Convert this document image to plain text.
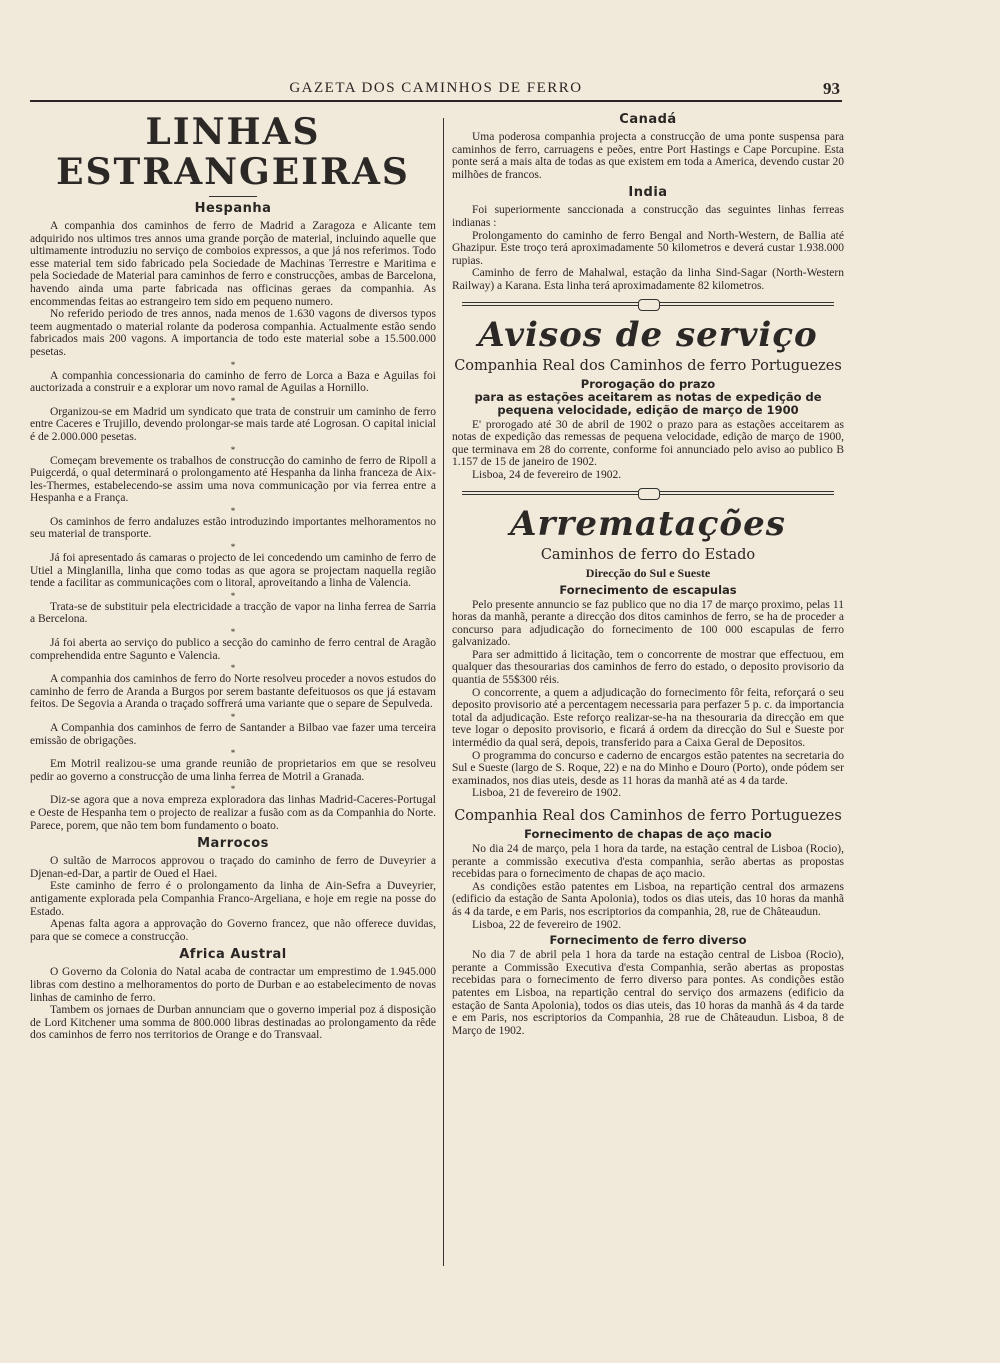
GAZETA DOS CAMINHOS DE FERRO	93
LINHAS ESTRANGEIRAS
Hespanha

A companhia dos caminhos de ferro de Madrid a Zaragoza e Alicante tem adquirido nos ultimos tres annos uma grande porção de material, incluindo aquelle que ultimamente introduziu no serviço de comboios expressos, a que já nos referimos. Todo esse material tem sido fabricado pela Sociedade de Machinas Terrestre e Maritima e pela Sociedade de Material para caminhos de ferro e construcções, ambas de Barcelona, havendo ainda uma parte fabricada nas officinas geraes da companhia. As encommendas feitas ao estrangeiro tem sido em pequeno numero.

No referido periodo de tres annos, nada menos de 1.630 vagons de diversos typos teem augmentado o material rolante da poderosa companhia. Actualmente estão sendo fabricados mais 200 vagons. A importancia de todo este material sobe a 15.500.000 pesetas.

*

A companhia concessionaria do caminho de ferro de Lorca a Baza e Aguilas foi auctorizada a construir e a explorar um novo ramal de Aguilas a Hornillo.

*

Organizou-se em Madrid um syndicato que trata de construir um caminho de ferro entre Caceres e Trujillo, devendo prolongar-se mais tarde até Logrosan. O capital inicial é de 2.000.000 pesetas.

*

Começam brevemente os trabalhos de construcção do caminho de ferro de Ripoll a Puigcerdá, o qual determinará o prolongamento até Hespanha da linha franceza de Aix-les-Thermes, estabelecendo-se assim uma nova communicação por via ferrea entre a Hespanha e a França.

*

Os caminhos de ferro andaluzes estão introduzindo importantes melhoramentos no seu material de transporte.

*

Já foi apresentado ás camaras o projecto de lei concedendo um caminho de ferro de Utiel a Minglanilla, linha que como todas as que agora se projectam naquella região tende a facilitar as communicações com o litoral, aproveitando a linha de Valencia.

*

Trata-se de substituir pela electricidade a tracção de vapor na linha ferrea de Sarria a Bercelona.

*

Já foi aberta ao serviço do publico a secção do caminho de ferro central de Aragão comprehendida entre Sagunto e Valencia.

*

A companhia dos caminhos de ferro do Norte resolveu proceder a novos estudos do caminho de ferro de Aranda a Burgos por serem bastante defeituosos os que já estavam feitos. De Segovia a Aranda o traçado soffrerá uma variante que o separe de Sepulveda.

*

A Companhia dos caminhos de ferro de Santander a Bilbao vae fazer uma terceira emissão de obrigações.

*

Em Motril realizou-se uma grande reunião de proprietarios em que se resolveu pedir ao governo a construcção de uma linha ferrea de Motril a Granada.

*

Diz-se agora que a nova empreza exploradora das linhas Madrid-Caceres-Portugal e Oeste de Hespanha tem o projecto de realizar a fusão com as da Companhia do Norte. Parece, porem, que não tem bom fundamento o boato.

Marrocos

O sultão de Marrocos approvou o traçado do caminho de ferro de Duveyrier a Djenan-ed-Dar, a partir de Oued el Haei.

Este caminho de ferro é o prolongamento da linha de Ain-Sefra a Duveyrier, antigamente explorada pela Companhia Franco-Argeliana, e hoje em regie na posse do Estado.

Apenas falta agora a approvação do Governo francez, que não offerece duvidas, para que se comece a construcção.

Africa Austral

O Governo da Colonia do Natal acaba de contractar um emprestimo de 1.945.000 libras com destino a melhoramentos do porto de Durban e ao estabelecimento de novas linhas de caminho de ferro.

Tambem os jornaes de Durban annunciam que o governo imperial poz á disposição de Lord Kitchener uma somma de 800.000 libras destinadas ao prolongamento da rêde dos caminhos de ferro nos territorios de Orange e do Transvaal.

Canadá

Uma poderosa companhia projecta a construcção de uma ponte suspensa para caminhos de ferro, carruagens e peões, entre Port Hastings e Cape Porcupine. Esta ponte será a mais alta de todas as que existem em toda a America, devendo custar 20 milhões de francos.

India

Foi superiormente sanccionada a construcção das seguintes linhas ferreas indianas :

Prolongamento do caminho de ferro Bengal and North-Western, de Ballia até Ghazipur. Este troço terá aproximadamente 50 kilometros e deverá custar 1.938.000 rupias.

Caminho de ferro de Mahalwal, estação da linha Sind-Sagar (North-Western Railway) a Karana. Esta linha terá aproximadamente 82 kilometros.

Avisos de serviço
Companhia Real dos Caminhos de ferro Portuguezes
Prorogação do prazo
para as estações aceitarem as notas de expedição de pequena velocidade, edição de março de 1900

E' prorogado até 30 de abril de 1902 o prazo para as estações acceitarem as notas de expedição das remessas de pequena velocidade, edição de março de 1900, que terminava em 28 do corrente, conforme foi annunciado pelo aviso ao publico B 1.157 de 15 de janeiro de 1902.

Lisboa, 24 de fevereiro de 1902.

Arrematações
Caminhos de ferro do Estado
Direcção do Sul e Sueste
Fornecimento de escapulas

Pelo presente annuncio se faz publico que no dia 17 de março proximo, pelas 11 horas da manhã, perante a direcção dos ditos caminhos de ferro, se ha de proceder a concurso para adjudicação do fornecimento de 100 000 escapulas de ferro galvanizado.

Para ser admittido á licitação, tem o concorrente de mostrar que effectuou, em qualquer das thesourarias dos caminhos de ferro do estado, o deposito provisorio da quantia de 55$300 réis.

O concorrente, a quem a adjudicação do fornecimento fôr feita, reforçará o seu deposito provisorio até a percentagem necessaria para perfazer 5 p. c. da importancia total da adjudicação. Este reforço realizar-se-ha na thesouraria da direcção em que teve logar o deposito provisorio, e ficará á ordem da direcção do Sul e Sueste por intermédio da qual será, depois, transferido para a Caixa Geral de Depositos.

O programma do concurso e caderno de encargos estão patentes na secretaria do Sul e Sueste (largo de S. Roque, 22) e na do Minho e Douro (Porto), onde pódem ser examinados, nos dias uteis, desde as 11 horas da manhã até as 4 da tarde.

Lisboa, 21 de fevereiro de 1902.

Companhia Real dos Caminhos de ferro Portuguezes
Fornecimento de chapas de aço macio

No dia 24 de março, pela 1 hora da tarde, na estação central de Lisboa (Rocio), perante a commissão executiva d'esta companhia, serão abertas as propostas recebidas para o fornecimento de chapas de aço macio.

As condições estão patentes em Lisboa, na repartição central dos armazens (edificio da estação de Santa Apolonia), todos os dias uteis, das 10 horas da manhã ás 4 da tarde, e em Paris, nos escriptorios da companhia, 28, rue de Châteaudun.

Lisboa, 22 de fevereiro de 1902.

Fornecimento de ferro diverso

No dia 7 de abril pela 1 hora da tarde na estação central de Lisboa (Rocio), perante a Commissão Executiva d'esta Companhia, serão abertas as propostas recebidas para o fornecimento de ferro diverso para pontes. As condições estão patentes em Lisboa, na repartição central do serviço dos armazens (edificio da estação de Santa Apolonia), todos os dias uteis, das 10 horas da manhã ás 4 da tarde e em Paris, nos escriptorios da Companhia, 28 rue de Châteaudun. Lisboa, 8 de Março de 1902.
